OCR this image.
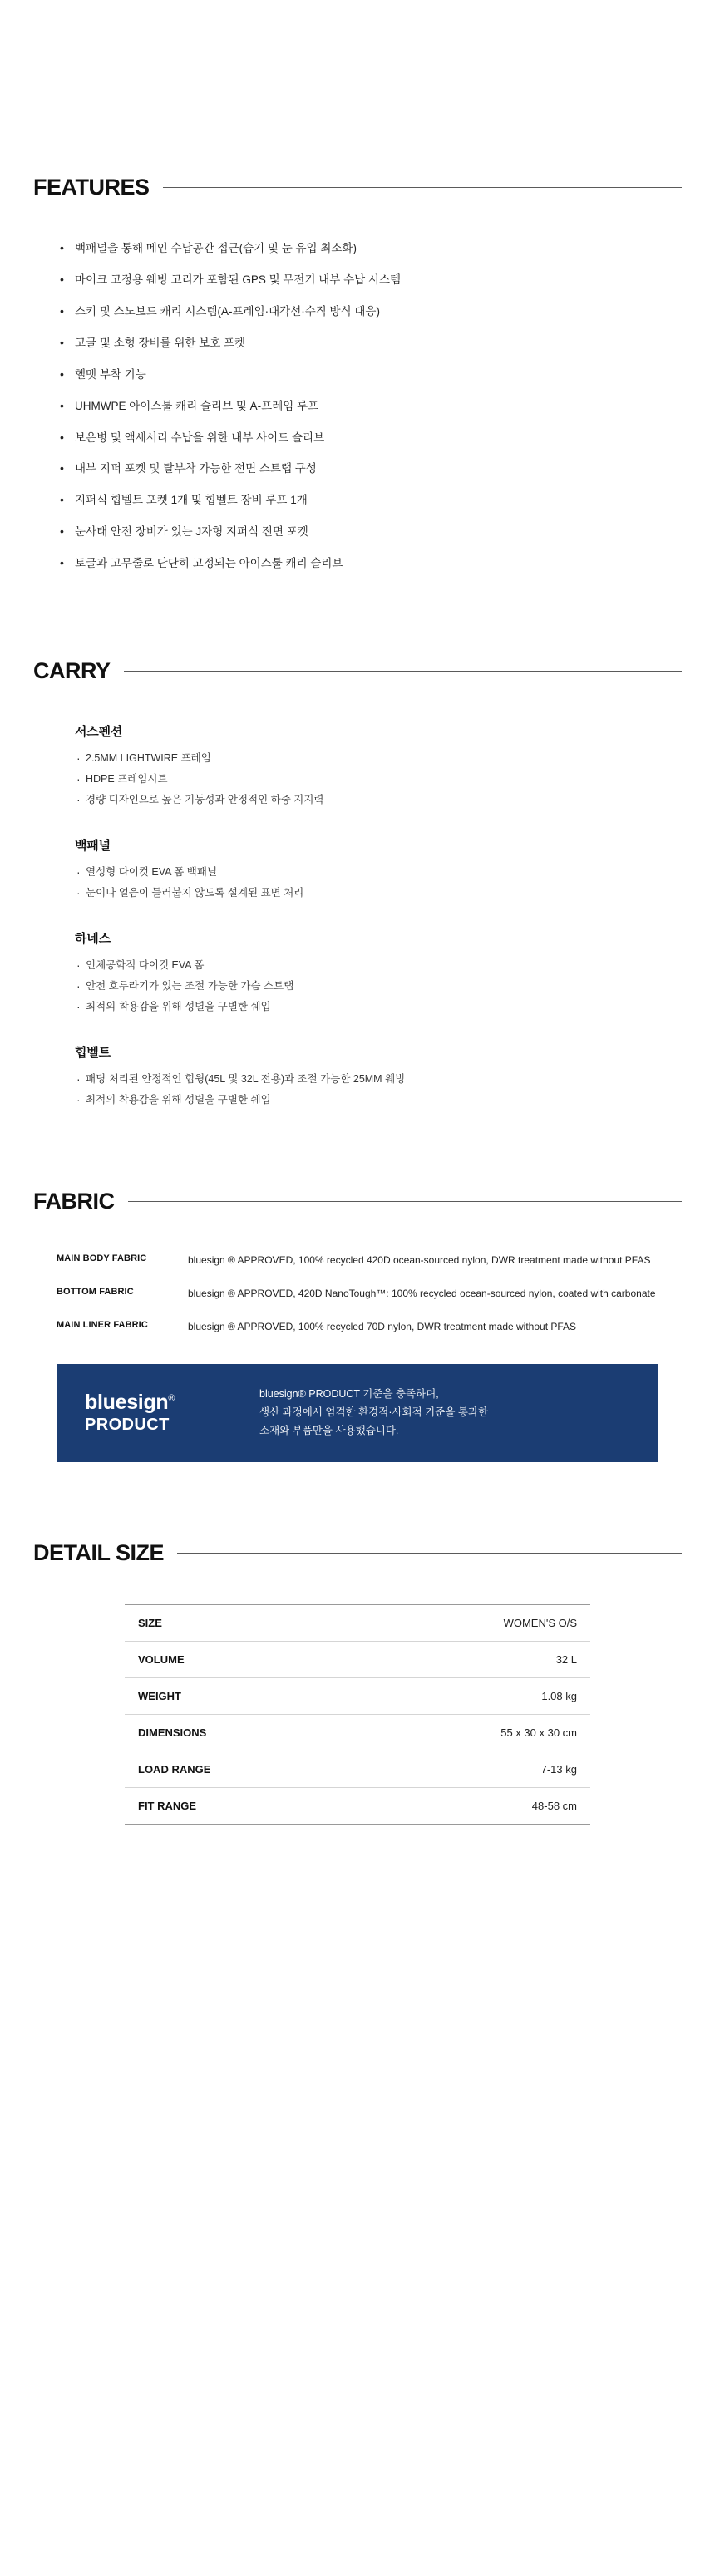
FEATURES
• 백패널을 통해 메인 수납공간 접근(습기 및 눈 유입 최소화)
• 마이크 고정용 웨빙 고리가 포함된 GPS 및 무전기 내부 수납 시스템
• 스키 및 스노보드 캐리 시스템(A-프레임·대각선·수직 방식 대응)
• 고글 및 소형 장비를 위한 보호 포켓
• 헬멧 부착 기능
• UHMWPE 아이스툴 캐리 슬리브 및 A-프레임 루프
• 보온병 및 액세서리 수납을 위한 내부 사이드 슬리브
• 내부 지퍼 포켓 및 탈부착 가능한 전면 스트랩 구성
• 지퍼식 힙벨트 포켓 1개 및 힙벨트 장비 루프 1개
• 눈사태 안전 장비가 있는 J자형 지퍼식 전면 포켓
• 토글과 고무줄로 단단히 고정되는 아이스툴 캐리 슬리브
CARRY
서스펜션
· 2.5MM LIGHTWIRE 프레임
· HDPE 프레임시트
· 경량 디자인으로 높은 기동성과 안정적인 하중 지지력
백패널
· 열성형 다이컷 EVA 폼 백패널
· 눈이나 얼음이 들러붙지 않도록 설계된 표면 처리
하네스
· 인체공학적 다이컷 EVA 폼
· 안전 호루라기가 있는 조절 가능한 가슴 스트랩
· 최적의 착용감을 위해 성별을 구별한 쉐입
힙벨트
· 패딩 처리된 안정적인 힙윙(45L 및 32L 전용)과 조절 가능한 25MM 웨빙
· 최적의 착용감을 위해 성별을 구별한 쉐입
FABRIC
MAIN BODY FABRIC	bluesign ® APPROVED, 100% recycled 420D ocean-sourced nylon, DWR treatment made without PFAS
BOTTOM FABRIC	bluesign ® APPROVED, 420D NanoTough™: 100% recycled ocean-sourced nylon, coated with carbonate
MAIN LINER FABRIC	bluesign ® APPROVED, 100% recycled 70D nylon, DWR treatment made without PFAS
bluesign®
PRODUCT
bluesign® PRODUCT 기준을 충족하며,
생산 과정에서 엄격한 환경적·사회적 기준을 통과한
소재와 부품만을 사용했습니다.
DETAIL SIZE
SIZE	WOMEN'S O/S
VOLUME	32 L
WEIGHT	1.08 kg
DIMENSIONS	55 x 30 x 30 cm
LOAD RANGE	7-13 kg
FIT RANGE	48-58 cm
